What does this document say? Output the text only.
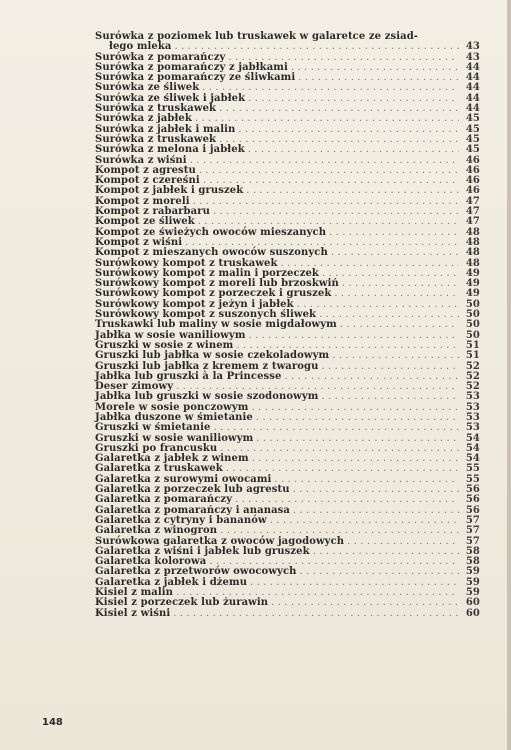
Surówka z poziomek lub truskawek w galaretce ze zsiad-
łego mleka . . .	43
Surówka z pomarańczy . . .	43
Surówka z pomarańczy z jabłkami . . .	44
Surówka z pomarańczy ze śliwkami . . .	44
Surówka ze śliwek . . .	44
Surówka ze śliwek i jabłek . . .	44
Surówka z truskawek . . .	44
Surówka z jabłek . . .	45
Surówka z jabłek i malin . . .	45
Surówka z truskawek . . .	45
Surówka z melona i jabłek . . .	45
Surówka z wiśni . . .	46
Kompot z agrestu . . .	46
Kompot z czereśni . . .	46
Kompot z jabłek i gruszek . . .	46
Kompot z moreli . . .	47
Kompot z rabarbaru . . .	47
Kompot ze śliwek . . .	47
Kompot ze świeżych owoców mieszanych . . .	48
Kompot z wiśni . . .	48
Kompot z mieszanych owoców suszonych . . .	48
Surówkowy kompot z truskawek . . .	48
Surówkowy kompot z malin i porzeczek . . .	49
Surówkowy kompot z moreli lub brzoskwiń . . .	49
Surówkowy kompot z porzeczek i gruszek . . .	49
Surówkowy kompot z jeżyn i jabłek . . .	50
Surówkowy kompot z suszonych śliwek . . .	50
Truskawki lub maliny w sosie migdałowym . . .	50
Jabłka w sosie waniliowym . . .	50
Gruszki w sosie z winem . . .	51
Gruszki lub jabłka w sosie czekoladowym . . .	51
Gruszki lub jabłka z kremem z twarogu . . .	52
Jabłka lub gruszki à la Princesse . . .	52
Deser zimowy . . .	52
Jabłka lub gruszki w sosie szodonowym . . .	53
Morele w sosie ponczowym . . .	53
Jabłka duszone w śmietanie . . .	53
Gruszki w śmietanie . . .	53
Gruszki w sosie waniliowym . . .	54
Gruszki po francusku . . .	54
Galaretka z jabłek z winem . . .	54
Galaretka z truskawek . . .	55
Galaretka z surowymi owocami . . .	55
Galaretka z porzeczek lub agrestu . . .	56
Galaretka z pomarańczy . . .	56
Galaretka z pomarańczy i ananasa . . .	56
Galaretka z cytryny i bananów . . .	57
Galaretka z winogron . . .	57
Surówkowa galaretka z owoców jagodowych . . .	57
Galaretka z wiśni i jabłek lub gruszek . . .	58
Galaretka kolorowa . . .	58
Galaretka z przetworów owocowych . . .	59
Galaretka z jabłek i dżemu . . .	59
Kisiel z malin . . .	59
Kisiel z porzeczek lub żurawin . . .	60
Kisiel z wiśni . . .	60
148
